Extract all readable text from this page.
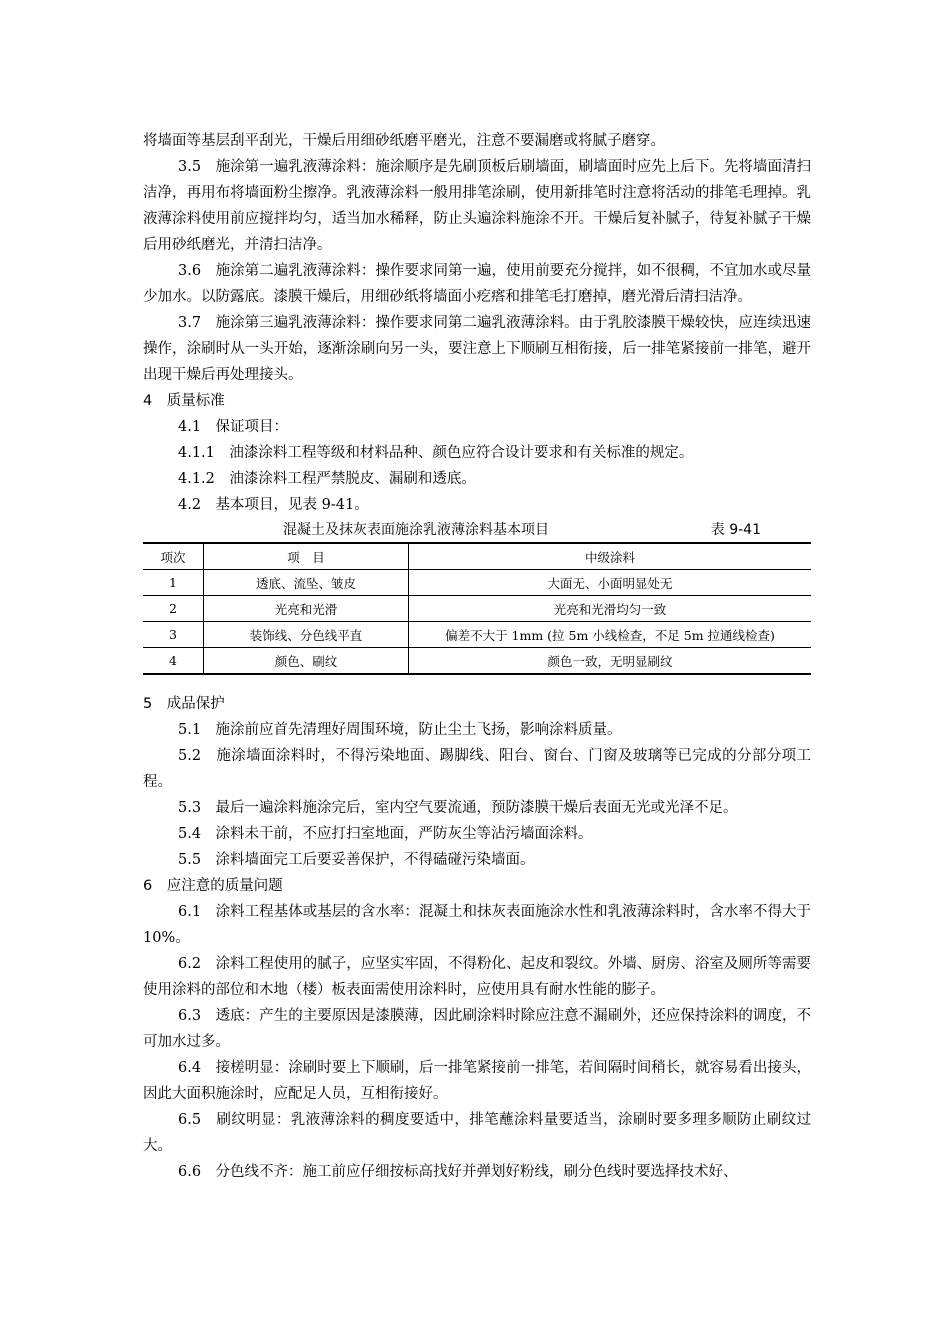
将墙面等基层刮平刮光，干燥后用细砂纸磨平磨光，注意不要漏磨或将腻子磨穿。

3.5　施涂第一遍乳液薄涂料：施涂顺序是先刷顶板后刷墙面，刷墙面时应先上后下。先将墙面清扫洁净，再用布将墙面粉尘擦净。乳液薄涂料一般用排笔涂刷，使用新排笔时注意将活动的排笔毛理掉。乳液薄涂料使用前应搅拌均匀，适当加水稀释，防止头遍涂料施涂不开。干燥后复补腻子，待复补腻子干燥后用砂纸磨光，并清扫洁净。

3.6　施涂第二遍乳液薄涂料：操作要求同第一遍，使用前要充分搅拌，如不很稠，不宜加水或尽量少加水。以防露底。漆膜干燥后，用细砂纸将墙面小疙瘩和排笔毛打磨掉，磨光滑后清扫洁净。

3.7　施涂第三遍乳液薄涂料：操作要求同第二遍乳液薄涂料。由于乳胶漆膜干燥较快，应连续迅速操作，涂刷时从一头开始，逐渐涂刷向另一头，要注意上下顺刷互相衔接，后一排笔紧接前一排笔，避开出现干燥后再处理接头。

4　质量标准

4.1　保证项目：

4.1.1　油漆涂料工程等级和材料品种、颜色应符合设计要求和有关标准的规定。

4.1.2　油漆涂料工程严禁脱皮、漏刷和透底。

4.2　基本项目，见表 9-41。

混凝土及抹灰表面施涂乳液薄涂料基本项目	表 9-41
项次	项　目	中级涂料
1	透底、流坠、皱皮	大面无、小面明显处无
2	光亮和光滑	光亮和光滑均匀一致
3	装饰线、分色线平直	偏差不大于 1mm (拉 5m 小线检查，不足 5m 拉通线检查)
4	颜色、刷纹	颜色一致，无明显刷纹

5　成品保护

5.1　施涂前应首先清理好周围环境，防止尘土飞扬，影响涂料质量。

5.2　施涂墙面涂料时，不得污染地面、踢脚线、阳台、窗台、门窗及玻璃等已完成的分部分项工程。

5.3　最后一遍涂料施涂完后，室内空气要流通，预防漆膜干燥后表面无光或光泽不足。

5.4　涂料未干前，不应打扫室地面，严防灰尘等沾污墙面涂料。

5.5　涂料墙面完工后要妥善保护，不得磕碰污染墙面。

6　应注意的质量问题

6.1　涂料工程基体或基层的含水率：混凝土和抹灰表面施涂水性和乳液薄涂料时，含水率不得大于 10%。

6.2　涂料工程使用的腻子，应坚实牢固，不得粉化、起皮和裂纹。外墙、厨房、浴室及厕所等需要使用涂料的部位和木地（楼）板表面需使用涂料时，应使用具有耐水性能的膨子。

6.3　透底：产生的主要原因是漆膜薄，因此刷涂料时除应注意不漏刷外，还应保持涂料的调度，不可加水过多。

6.4　接槎明显：涂刷时要上下顺刷，后一排笔紧接前一排笔，若间隔时间稍长，就容易看出接头，因此大面积施涂时，应配足人员，互相衔接好。

6.5　刷纹明显：乳液薄涂料的稠度要适中，排笔蘸涂料量要适当，涂刷时要多理多顺防止刷纹过大。

6.6　分色线不齐：施工前应仔细按标高找好并弹划好粉线，刷分色线时要选择技术好、
